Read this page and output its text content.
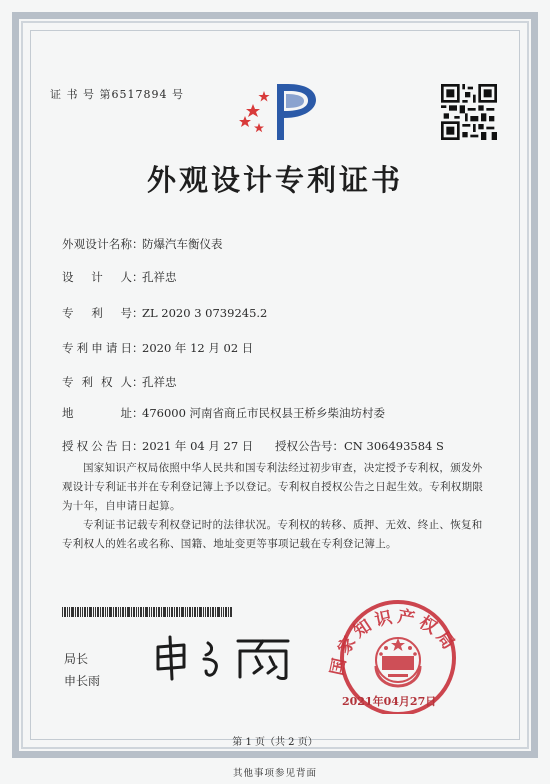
证 书 号 第6517894 号
外观设计专利证书
外观设计名称：防爆汽车衡仪表
设计人：孔祥忠
专利号：ZL 2020 3 0739245.2
专利申请日：2020 年 12 月 02 日
专利权人：孔祥忠
地址：476000 河南省商丘市民权县王桥乡柴油坊村委
授权公告日：2021 年 04 月 27 日 授权公告号：CN 306493584 S
国家知识产权局依照中华人民共和国专利法经过初步审查，决定授予专利权，颁发外观设计专利证书并在专利登记簿上予以登记。专利权自授权公告之日起生效。专利权期限为十年，自申请日起算。
专利证书记载专利权登记时的法律状况。专利权的转移、质押、无效、终止、恢复和专利权人的姓名或名称、国籍、地址变更等事项记载在专利登记簿上。
局长
申长雨
国家知识产权局
2021年04月27日
第 1 页（共 2 页）
其他事项参见背面
